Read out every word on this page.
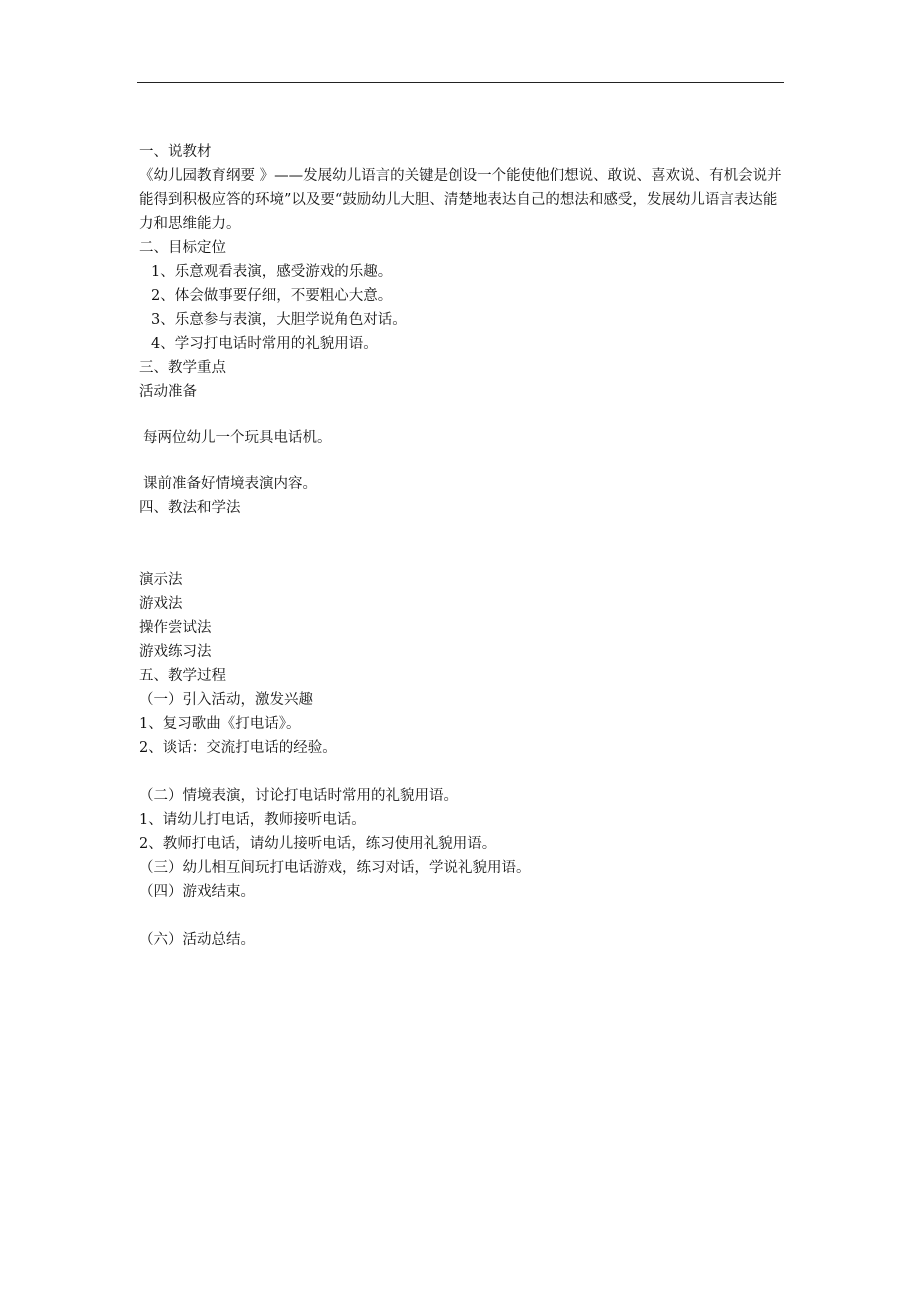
一、说教材
《幼儿园教育纲要 》——发展幼儿语言的关键是创设一个能使他们想说、敢说、喜欢说、有机会说并能得到积极应答的环境”以及要“鼓励幼儿大胆、清楚地表达自己的想法和感受，发展幼儿语言表达能力和思维能力。
二、目标定位
1、乐意观看表演，感受游戏的乐趣。
2、体会做事要仔细，不要粗心大意。
3、乐意参与表演，大胆学说角色对话。
4、学习打电话时常用的礼貌用语。
三、教学重点
活动准备
每两位幼儿一个玩具电话机。
课前准备好情境表演内容。
四、教法和学法
演示法
游戏法
操作尝试法
游戏练习法
五、教学过程
（一）引入活动，激发兴趣
1、复习歌曲《打电话》。
2、谈话：交流打电话的经验。
（二）情境表演，讨论打电话时常用的礼貌用语。
1、请幼儿打电话，教师接听电话。
2、教师打电话，请幼儿接听电话，练习使用礼貌用语。
（三）幼儿相互间玩打电话游戏，练习对话，学说礼貌用语。
（四）游戏结束。
（六）活动总结。
